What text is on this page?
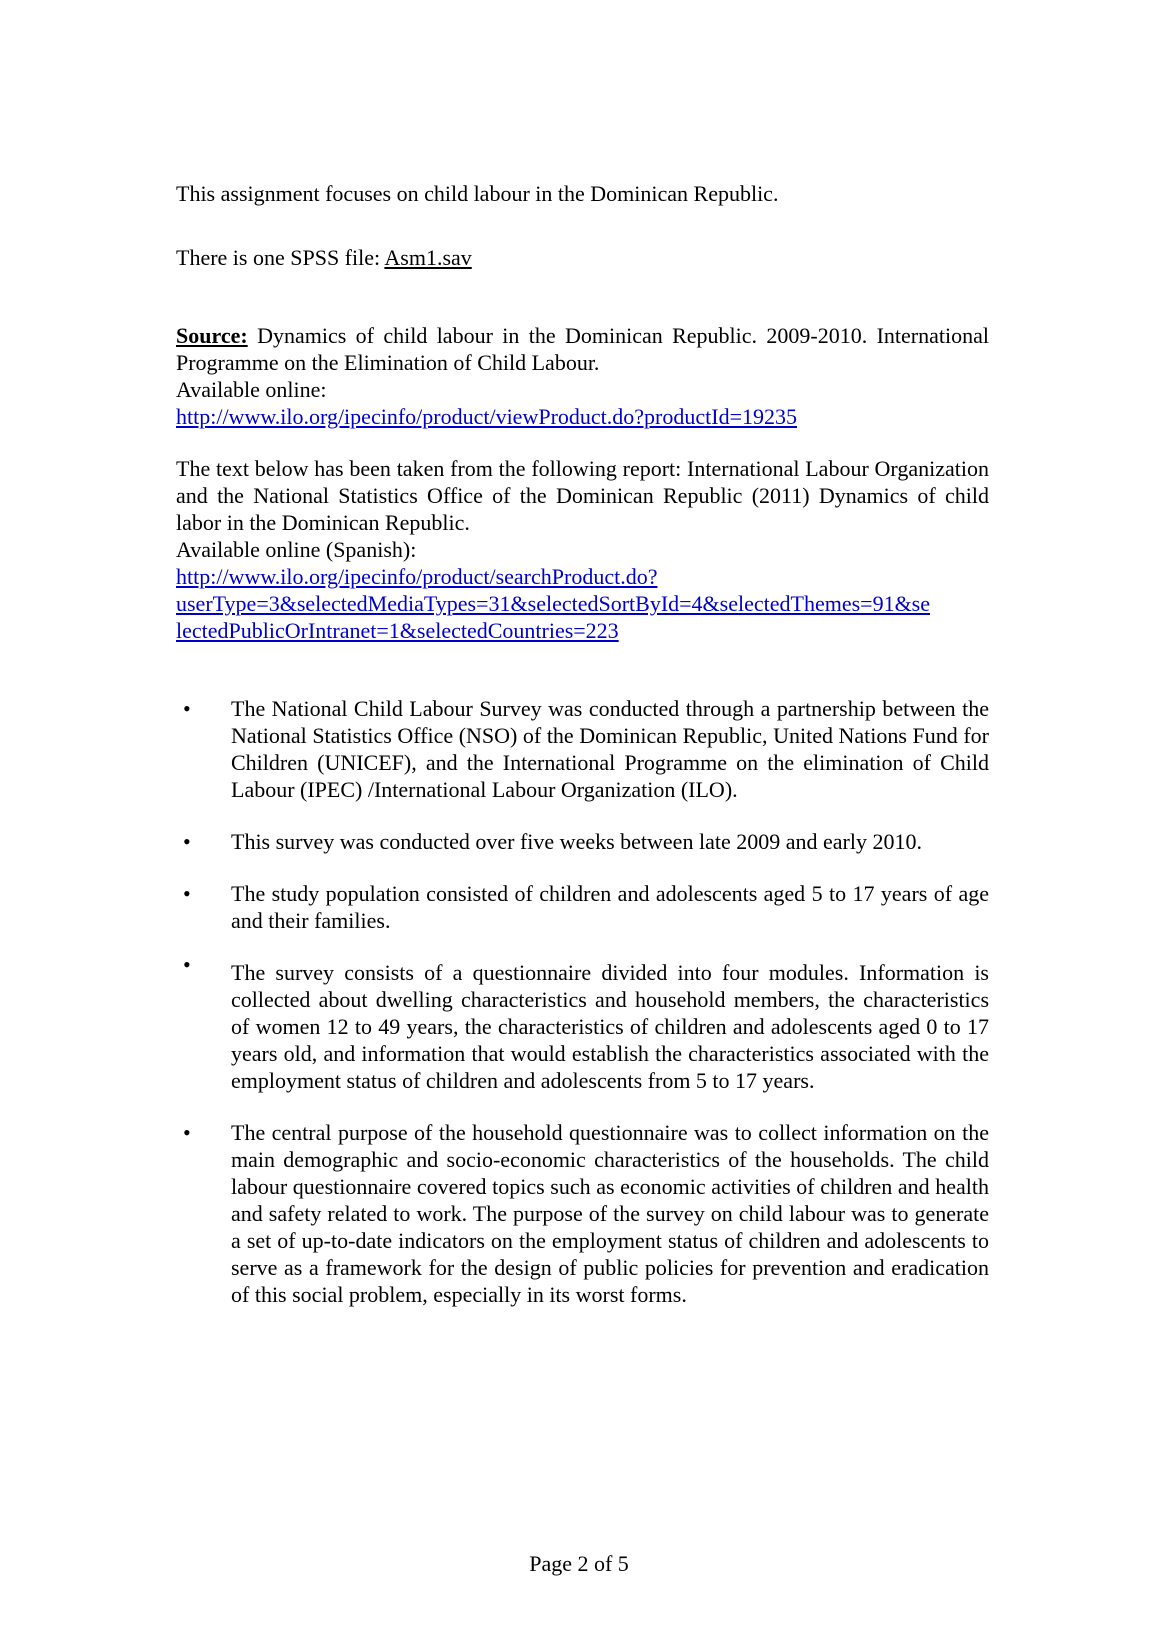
This assignment focuses on child labour in the Dominican Republic.

There is one SPSS file: Asm1.sav

Source: Dynamics of child labour in the Dominican Republic. 2009-2010. International Programme on the Elimination of Child Labour.

Available online:

http://www.ilo.org/ipecinfo/product/viewProduct.do?productId=19235

The text below has been taken from the following report: International Labour Organization and the National Statistics Office of the Dominican Republic (2011) Dynamics of child labor in the Dominican Republic.

Available online (Spanish):

http://www.ilo.org/ipecinfo/product/searchProduct.do?
userType=3&selectedMediaTypes=31&selectedSortById=4&selectedThemes=91&se
lectedPublicOrIntranet=1&selectedCountries=223

• The National Child Labour Survey was conducted through a partnership between the National Statistics Office (NSO) of the Dominican Republic, United Nations Fund for Children (UNICEF), and the International Programme on the elimination of Child Labour (IPEC) /International Labour Organization (ILO).
• This survey was conducted over five weeks between late 2009 and early 2010.
• The study population consisted of children and adolescents aged 5 to 17 years of age and their families.
• The survey consists of a questionnaire divided into four modules. Information is collected about dwelling characteristics and household members, the characteristics of women 12 to 49 years, the characteristics of children and adolescents aged 0 to 17 years old, and information that would establish the characteristics associated with the employment status of children and adolescents from 5 to 17 years.
• The central purpose of the household questionnaire was to collect information on the main demographic and socio-economic characteristics of the households. The child labour questionnaire covered topics such as economic activities of children and health and safety related to work. The purpose of the survey on child labour was to generate a set of up-to-date indicators on the employment status of children and adolescents to serve as a framework for the design of public policies for prevention and eradication of this social problem, especially in its worst forms.
Page 2 of 5
